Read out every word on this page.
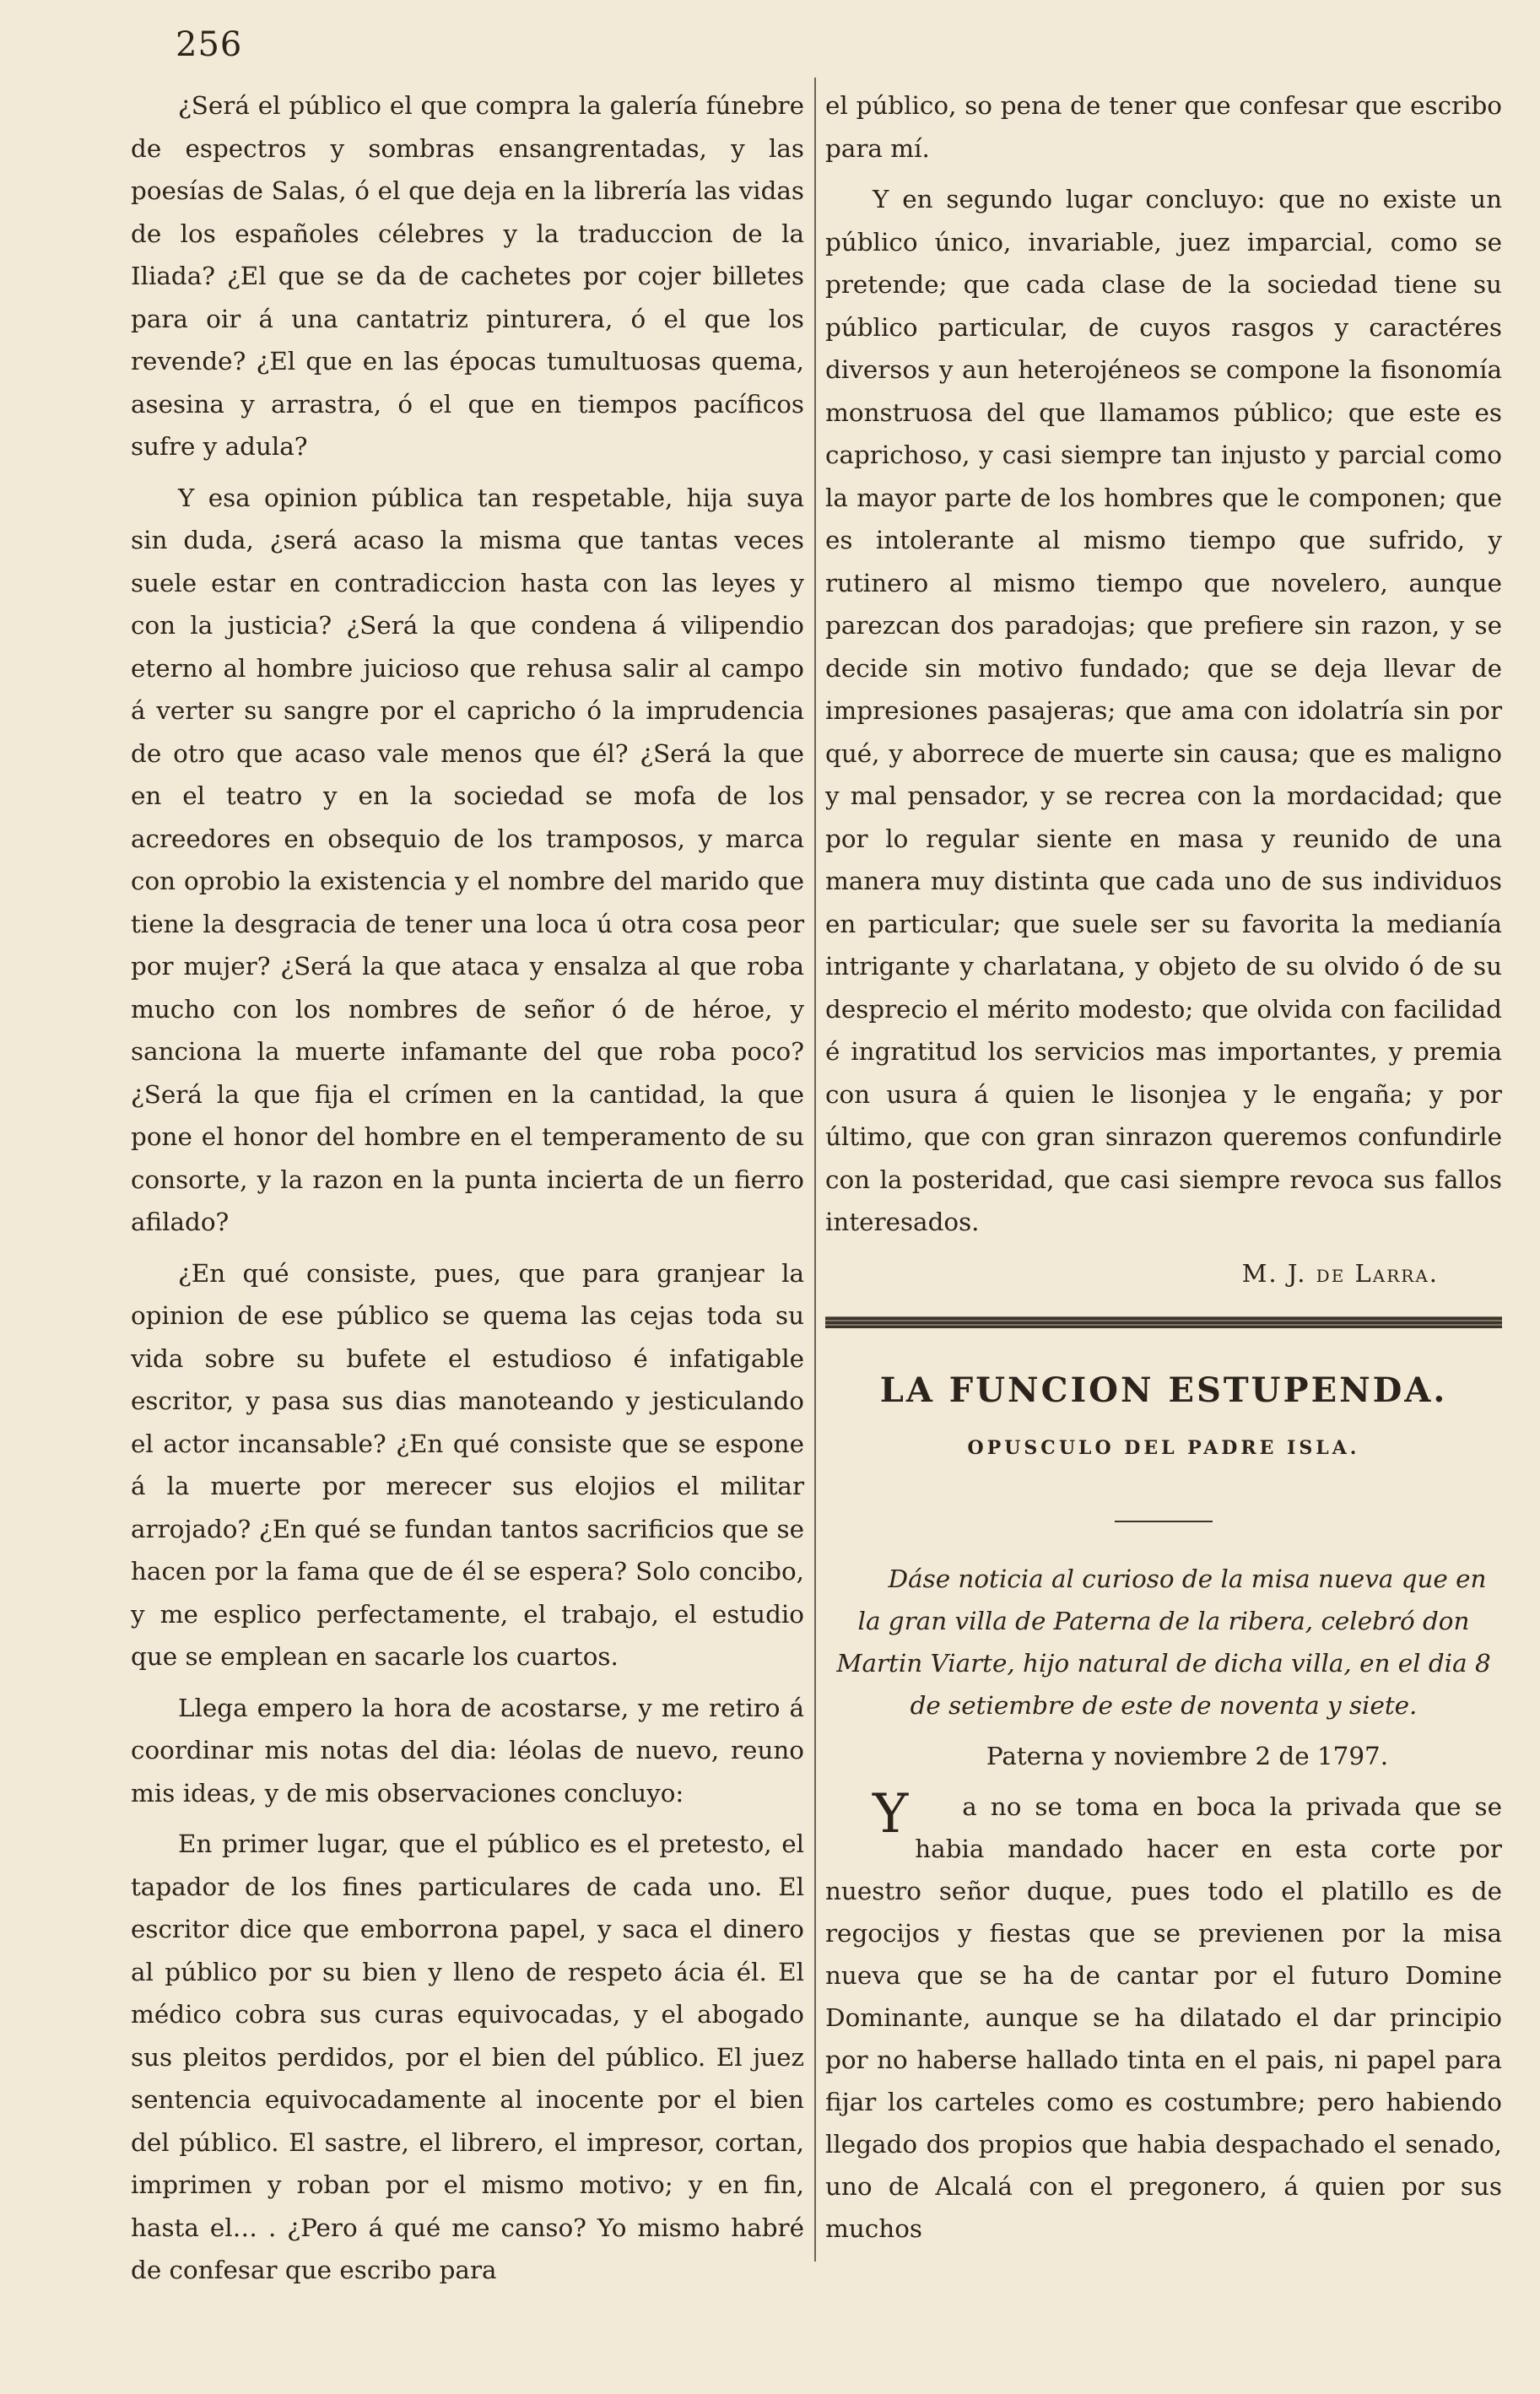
256

¿Será el público el que compra la galería fúnebre de espectros y sombras ensangrentadas, y las poesías de Salas, ó el que deja en la librería las vidas de los españoles célebres y la traduccion de la Iliada? ¿El que se da de cachetes por cojer billetes para oir á una cantatriz pinturera, ó el que los revende? ¿El que en las épocas tumultuosas quema, asesina y arrastra, ó el que en tiempos pacíficos sufre y adula?

Y esa opinion pública tan respetable, hija suya sin duda, ¿será acaso la misma que tantas veces suele estar en contradiccion hasta con las leyes y con la justicia? ¿Será la que condena á vilipendio eterno al hombre juicioso que rehusa salir al campo á verter su sangre por el capricho ó la imprudencia de otro que acaso vale menos que él? ¿Será la que en el teatro y en la sociedad se mofa de los acreedores en obsequio de los tramposos, y marca con oprobio la existencia y el nombre del marido que tiene la desgracia de tener una loca ú otra cosa peor por mujer? ¿Será la que ataca y ensalza al que roba mucho con los nombres de señor ó de héroe, y sanciona la muerte infamante del que roba poco? ¿Será la que fija el crímen en la cantidad, la que pone el honor del hombre en el temperamento de su consorte, y la razon en la punta incierta de un fierro afilado?

¿En qué consiste, pues, que para granjear la opinion de ese público se quema las cejas toda su vida sobre su bufete el estudioso é infatigable escritor, y pasa sus dias manoteando y jesticulando el actor incansable? ¿En qué consiste que se espone á la muerte por merecer sus elojios el militar arrojado? ¿En qué se fundan tantos sacrificios que se hacen por la fama que de él se espera? Solo concibo, y me esplico perfectamente, el trabajo, el estudio que se emplean en sacarle los cuartos.

Llega empero la hora de acostarse, y me retiro á coordinar mis notas del dia: léolas de nuevo, reuno mis ideas, y de mis observaciones concluyo:

En primer lugar, que el público es el pretesto, el tapador de los fines particulares de cada uno. El escritor dice que emborrona papel, y saca el dinero al público por su bien y lleno de respeto ácia él. El médico cobra sus curas equivocadas, y el abogado sus pleitos perdidos, por el bien del público. El juez sentencia equivocadamente al inocente por el bien del público. El sastre, el librero, el impresor, cortan, imprimen y roban por el mismo motivo; y en fin, hasta el… . ¿Pero á qué me canso? Yo mismo habré de confesar que escribo para

el público, so pena de tener que confesar que escribo para mí.

Y en segundo lugar concluyo: que no existe un público único, invariable, juez imparcial, como se pretende; que cada clase de la sociedad tiene su público particular, de cuyos rasgos y caractéres diversos y aun heterojéneos se compone la fisonomía monstruosa del que llamamos público; que este es caprichoso, y casi siempre tan injusto y parcial como la mayor parte de los hombres que le componen; que es intolerante al mismo tiempo que sufrido, y rutinero al mismo tiempo que novelero, aunque parezcan dos paradojas; que prefiere sin razon, y se decide sin motivo fundado; que se deja llevar de impresiones pasajeras; que ama con idolatría sin por qué, y aborrece de muerte sin causa; que es maligno y mal pensador, y se recrea con la mordacidad; que por lo regular siente en masa y reunido de una manera muy distinta que cada uno de sus individuos en particular; que suele ser su favorita la medianía intrigante y charlatana, y objeto de su olvido ó de su desprecio el mérito modesto; que olvida con facilidad é ingratitud los servicios mas importantes, y premia con usura á quien le lisonjea y le engaña; y por último, que con gran sinrazon queremos confundirle con la posteridad, que casi siempre revoca sus fallos interesados.

M. J. de Larra.
LA FUNCION ESTUPENDA.
OPUSCULO DEL PADRE ISLA.

Dáse noticia al curioso de la misa nueva que en la gran villa de Paterna de la ribera, celebró don Martin Viarte, hijo natural de dicha villa, en el dia 8 de setiembre de este de noventa y siete.

Paterna y noviembre 2 de 1797.

Y a no se toma en boca la privada que se habia mandado hacer en esta corte por nuestro señor duque, pues todo el platillo es de regocijos y fiestas que se previenen por la misa nueva que se ha de cantar por el futuro Domine Dominante, aunque se ha dilatado el dar principio por no haberse hallado tinta en el pais, ni papel para fijar los carteles como es costumbre; pero habiendo llegado dos propios que habia despachado el senado, uno de Alcalá con el pregonero, á quien por sus muchos
